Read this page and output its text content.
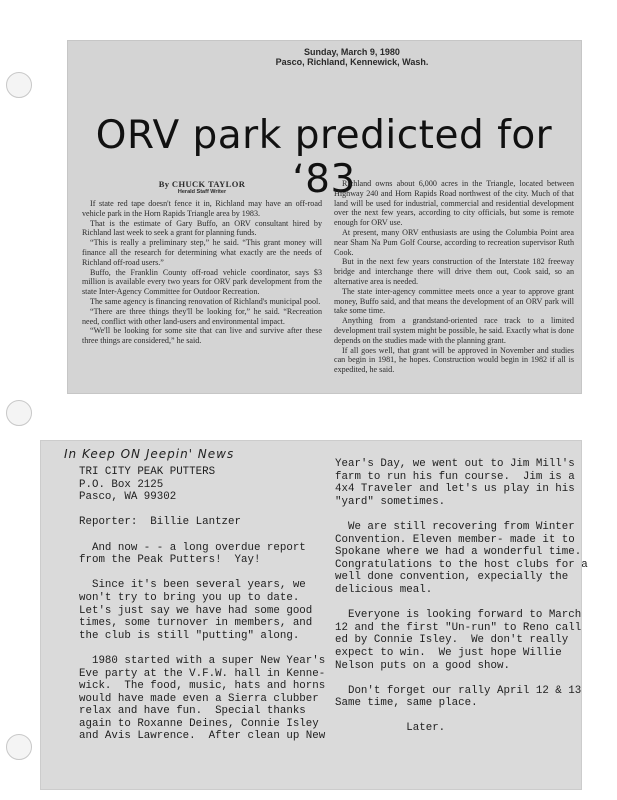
Sunday, March 9, 1980
Pasco, Richland, Kennewick, Wash.
ORV park predicted for ‘83
By CHUCK TAYLOR
Herald Staff Writer

If state red tape doesn't fence it in, Richland may have an off-road vehicle park in the Horn Rapids Triangle area by 1983.

That is the estimate of Gary Buffo, an ORV consultant hired by Richland last week to seek a grant for planning funds.

“This is really a preliminary step,” he said. “This grant money will finance all the research for determining what exactly are the needs of Richland off-road users.”

Buffo, the Franklin County off-road vehicle coordinator, says $3 million is available every two years for ORV park development from the state Inter-Agency Committee for Outdoor Recreation.

The same agency is financing renovation of Richland's municipal pool.

“There are three things they'll be looking for,” he said. “Recreation need, conflict with other land-users and environmental impact.

“We'll be looking for some site that can live and survive after these three things are considered,” he said.

Richland owns about 6,000 acres in the Triangle, located between Highway 240 and Horn Rapids Road northwest of the city. Much of that land will be used for industrial, commercial and residential development over the next few years, according to city officials, but some is remote enough for ORV use.

At present, many ORV enthusiasts are using the Columbia Point area near Sham Na Pum Golf Course, according to recreation supervisor Ruth Cook.

But in the next few years construction of the Interstate 182 freeway bridge and interchange there will drive them out, Cook said, so an alternative area is needed.

The state inter-agency committee meets once a year to approve grant money, Buffo said, and that means the development of an ORV park will take some time.

Anything from a grandstand-oriented race track to a limited development trail system might be possible, he said. Exactly what is done depends on the studies made with the planning grant.

If all goes well, that grant will be approved in November and studies can begin in 1981, he hopes. Construction would begin in 1982 if all is expedited, he said.

In Keep ON Jeepin' News
TRI CITY PEAK PUTTERS
P.O. Box 2125
Pasco, WA 99302

Reporter:  Billie Lantzer

And now - - a long overdue report
from the Peak Putters!  Yay!

Since it's been several years, we
won't try to bring you up to date.
Let's just say we have had some good
times, some turnover in members, and
the club is still "putting" along.

1980 started with a super New Year's
Eve party at the V.F.W. hall in Kenne-
wick.  The food, music, hats and horns
would have made even a Sierra clubber
relax and have fun.  Special thanks
again to Roxanne Deines, Connie Isley
and Avis Lawrence.  After clean up New
Year's Day, we went out to Jim Mill's
farm to run his fun course.  Jim is a
4x4 Traveler and let's us play in his
"yard" sometimes.

We are still recovering from Winter
Convention. Eleven member- made it to
Spokane where we had a wonderful time.
Congratulations to the host clubs for a
well done convention, expecially the
delicious meal.

Everyone is looking forward to March
12 and the first "Un-run" to Reno call
ed by Connie Isley.  We don't really
expect to win.  We just hope Willie
Nelson puts on a good show.

Don't forget our rally April 12 & 13
Same time, same place.

Later.
